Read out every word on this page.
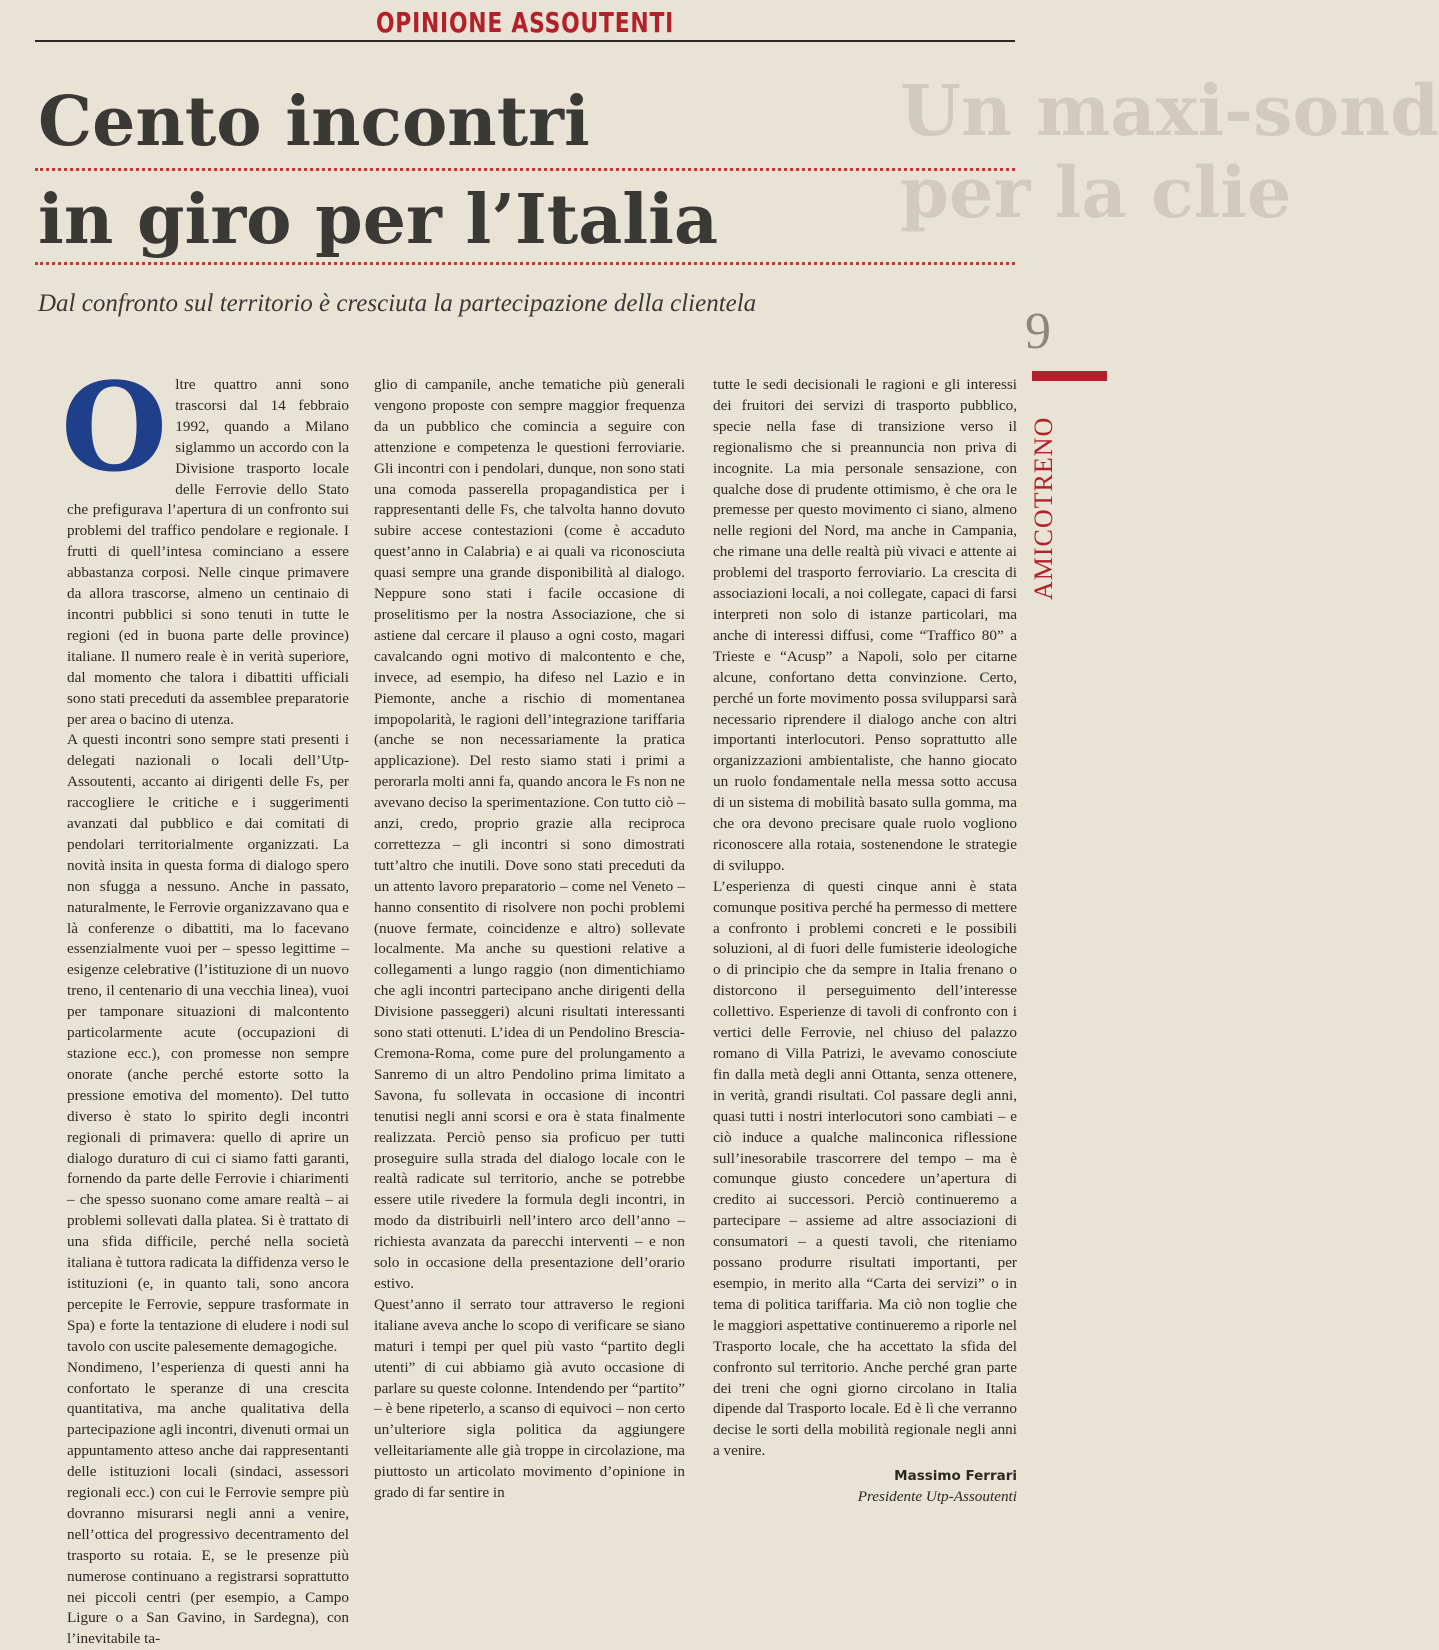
Un maxi-sond
per la clie
OPINIONE ASSOUTENTI
Cento incontri
in giro per l’Italia
Dal confronto sul territorio è cresciuta la partecipazione della clientela	9
AMICOTRENO

Oltre quattro anni sono trascorsi dal 14 febbraio 1992, quando a Milano siglammo un accordo con la Divisione trasporto locale delle Ferrovie dello Stato che prefigurava l’apertura di un confronto sui problemi del traffico pendolare e regionale. I frutti di quell’intesa cominciano a essere abbastanza corposi. Nelle cinque primavere da allora trascorse, almeno un centinaio di incontri pubblici si sono tenuti in tutte le regioni (ed in buona parte delle province) italiane. Il numero reale è in verità superiore, dal momento che talora i dibattiti ufficiali sono stati preceduti da assemblee preparatorie per area o bacino di utenza.

A questi incontri sono sempre stati presenti i delegati nazionali o locali dell’Utp-Assoutenti, accanto ai dirigenti delle Fs, per raccogliere le critiche e i suggerimenti avanzati dal pubblico e dai comitati di pendolari territorialmente organizzati. La novità insita in questa forma di dialogo spero non sfugga a nessuno. Anche in passato, naturalmente, le Ferrovie organizzavano qua e là conferenze o dibattiti, ma lo facevano essenzialmente vuoi per – spesso legittime – esigenze celebrative (l’istituzione di un nuovo treno, il centenario di una vecchia linea), vuoi per tamponare situazioni di malcontento particolarmente acute (occupazioni di stazione ecc.), con promesse non sempre onorate (anche perché estorte sotto la pressione emotiva del momento). Del tutto diverso è stato lo spirito degli incontri regionali di primavera: quello di aprire un dialogo duraturo di cui ci siamo fatti garanti, fornendo da parte delle Ferrovie i chiarimenti – che spesso suonano come amare realtà – ai problemi sollevati dalla platea. Si è trattato di una sfida difficile, perché nella società italiana è tuttora radicata la diffidenza verso le istituzioni (e, in quanto tali, sono ancora percepite le Ferrovie, seppure trasformate in Spa) e forte la tentazione di eludere i nodi sul tavolo con uscite palesemente demagogiche.

Nondimeno, l’esperienza di questi anni ha confortato le speranze di una crescita quantitativa, ma anche qualitativa della partecipazione agli incontri, divenuti ormai un appuntamento atteso anche dai rappresentanti delle istituzioni locali (sindaci, assessori regionali ecc.) con cui le Ferrovie sempre più dovranno misurarsi negli anni a venire, nell’ottica del progressivo decentramento del trasporto su rotaia. E, se le presenze più numerose continuano a registrarsi soprattutto nei piccoli centri (per esempio, a Campo Ligure o a San Gavino, in Sardegna), con l’inevitabile ta-

glio di campanile, anche tematiche più generali vengono proposte con sempre maggior frequenza da un pubblico che comincia a seguire con attenzione e competenza le questioni ferroviarie. Gli incontri con i pendolari, dunque, non sono stati una comoda passerella propagandistica per i rappresentanti delle Fs, che talvolta hanno dovuto subire accese contestazioni (come è accaduto quest’anno in Calabria) e ai quali va riconosciuta quasi sempre una grande disponibilità al dialogo. Neppure sono stati i facile occasione di proselitismo per la nostra Associazione, che si astiene dal cercare il plauso a ogni costo, magari cavalcando ogni motivo di malcontento e che, invece, ad esempio, ha difeso nel Lazio e in Piemonte, anche a rischio di momentanea impopolarità, le ragioni dell’integrazione tariffaria (anche se non necessariamente la pratica applicazione). Del resto siamo stati i primi a perorarla molti anni fa, quando ancora le Fs non ne avevano deciso la sperimentazione. Con tutto ciò – anzi, credo, proprio grazie alla reciproca correttezza – gli incontri si sono dimostrati tutt’altro che inutili. Dove sono stati preceduti da un attento lavoro preparatorio – come nel Veneto – hanno consentito di risolvere non pochi problemi (nuove fermate, coincidenze e altro) sollevate localmente. Ma anche su questioni relative a collegamenti a lungo raggio (non dimentichiamo che agli incontri partecipano anche dirigenti della Divisione passeggeri) alcuni risultati interessanti sono stati ottenuti. L’idea di un Pendolino Brescia-Cremona-Roma, come pure del prolungamento a Sanremo di un altro Pendolino prima limitato a Savona, fu sollevata in occasione di incontri tenutisi negli anni scorsi e ora è stata finalmente realizzata. Perciò penso sia proficuo per tutti proseguire sulla strada del dialogo locale con le realtà radicate sul territorio, anche se potrebbe essere utile rivedere la formula degli incontri, in modo da distribuirli nell’intero arco dell’anno – richiesta avanzata da parecchi interventi – e non solo in occasione della presentazione dell’orario estivo.

Quest’anno il serrato tour attraverso le regioni italiane aveva anche lo scopo di verificare se siano maturi i tempi per quel più vasto “partito degli utenti” di cui abbiamo già avuto occasione di parlare su queste colonne. Intendendo per “partito” – è bene ripeterlo, a scanso di equivoci – non certo un’ulteriore sigla politica da aggiungere velleitariamente alle già troppe in circolazione, ma piuttosto un articolato movimento d’opinione in grado di far sentire in

tutte le sedi decisionali le ragioni e gli interessi dei fruitori dei servizi di trasporto pubblico, specie nella fase di transizione verso il regionalismo che si preannuncia non priva di incognite. La mia personale sensazione, con qualche dose di prudente ottimismo, è che ora le premesse per questo movimento ci siano, almeno nelle regioni del Nord, ma anche in Campania, che rimane una delle realtà più vivaci e attente ai problemi del trasporto ferroviario. La crescita di associazioni locali, a noi collegate, capaci di farsi interpreti non solo di istanze particolari, ma anche di interessi diffusi, come “Traffico 80” a Trieste e “Acusp” a Napoli, solo per citarne alcune, confortano detta convinzione. Certo, perché un forte movimento possa svilupparsi sarà necessario riprendere il dialogo anche con altri importanti interlocutori. Penso soprattutto alle organizzazioni ambientaliste, che hanno giocato un ruolo fondamentale nella messa sotto accusa di un sistema di mobilità basato sulla gomma, ma che ora devono precisare quale ruolo vogliono riconoscere alla rotaia, sostenendone le strategie di sviluppo.

L’esperienza di questi cinque anni è stata comunque positiva perché ha permesso di mettere a confronto i problemi concreti e le possibili soluzioni, al di fuori delle fumisterie ideologiche o di principio che da sempre in Italia frenano o distorcono il perseguimento dell’interesse collettivo. Esperienze di tavoli di confronto con i vertici delle Ferrovie, nel chiuso del palazzo romano di Villa Patrizi, le avevamo conosciute fin dalla metà degli anni Ottanta, senza ottenere, in verità, grandi risultati. Col passare degli anni, quasi tutti i nostri interlocutori sono cambiati – e ciò induce a qualche malinconica riflessione sull’inesorabile trascorrere del tempo – ma è comunque giusto concedere un’apertura di credito ai successori. Perciò continueremo a partecipare – assieme ad altre associazioni di consumatori – a questi tavoli, che riteniamo possano produrre risultati importanti, per esempio, in merito alla “Carta dei servizi” o in tema di politica tariffaria. Ma ciò non toglie che le maggiori aspettative continueremo a riporle nel Trasporto locale, che ha accettato la sfida del confronto sul territorio. Anche perché gran parte dei treni che ogni giorno circolano in Italia dipende dal Trasporto locale. Ed è lì che verranno decise le sorti della mobilità regionale negli anni a venire.

Massimo Ferrari
Presidente Utp-Assoutenti
